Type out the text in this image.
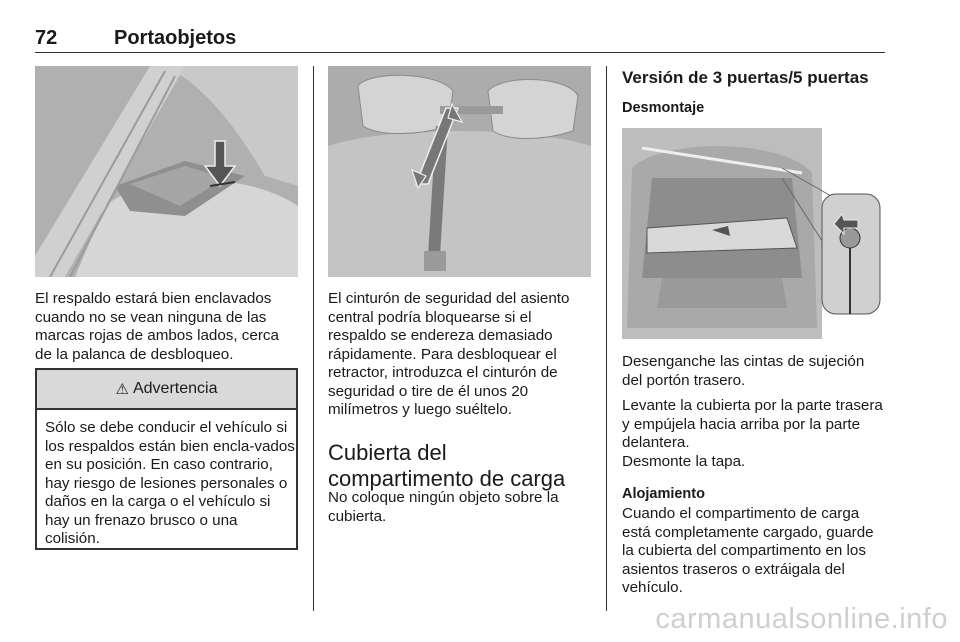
72	Portaobjetos

El respaldo estará bien enclavados cuando no se vean ninguna de las marcas rojas de ambos lados, cerca de la palanca de desbloqueo.

⚠ Advertencia

Sólo se debe conducir el vehículo si los respaldos están bien encla-vados en su posición. En caso contrario, hay riesgo de lesiones personales o daños en la carga o el vehículo si hay un frenazo brusco o una colisión.

El cinturón de seguridad del asiento central podría bloquearse si el respaldo se endereza demasiado rápidamente. Para desbloquear el retractor, introduzca el cinturón de seguridad o tire de él unos 20 milímetros y luego suéltelo.

Cubierta del compartimento de carga

No coloque ningún objeto sobre la cubierta.

Versión de 3 puertas/5 puertas
Desmontaje

Desenganche las cintas de sujeción del portón trasero.

Levante la cubierta por la parte trasera y empújela hacia arriba por la parte delantera.

Desmonte la tapa.

Alojamiento

Cuando el compartimento de carga está completamente cargado, guarde la cubierta del compartimento en los asientos traseros o extráigala del vehículo.

carmanualsonline.info
